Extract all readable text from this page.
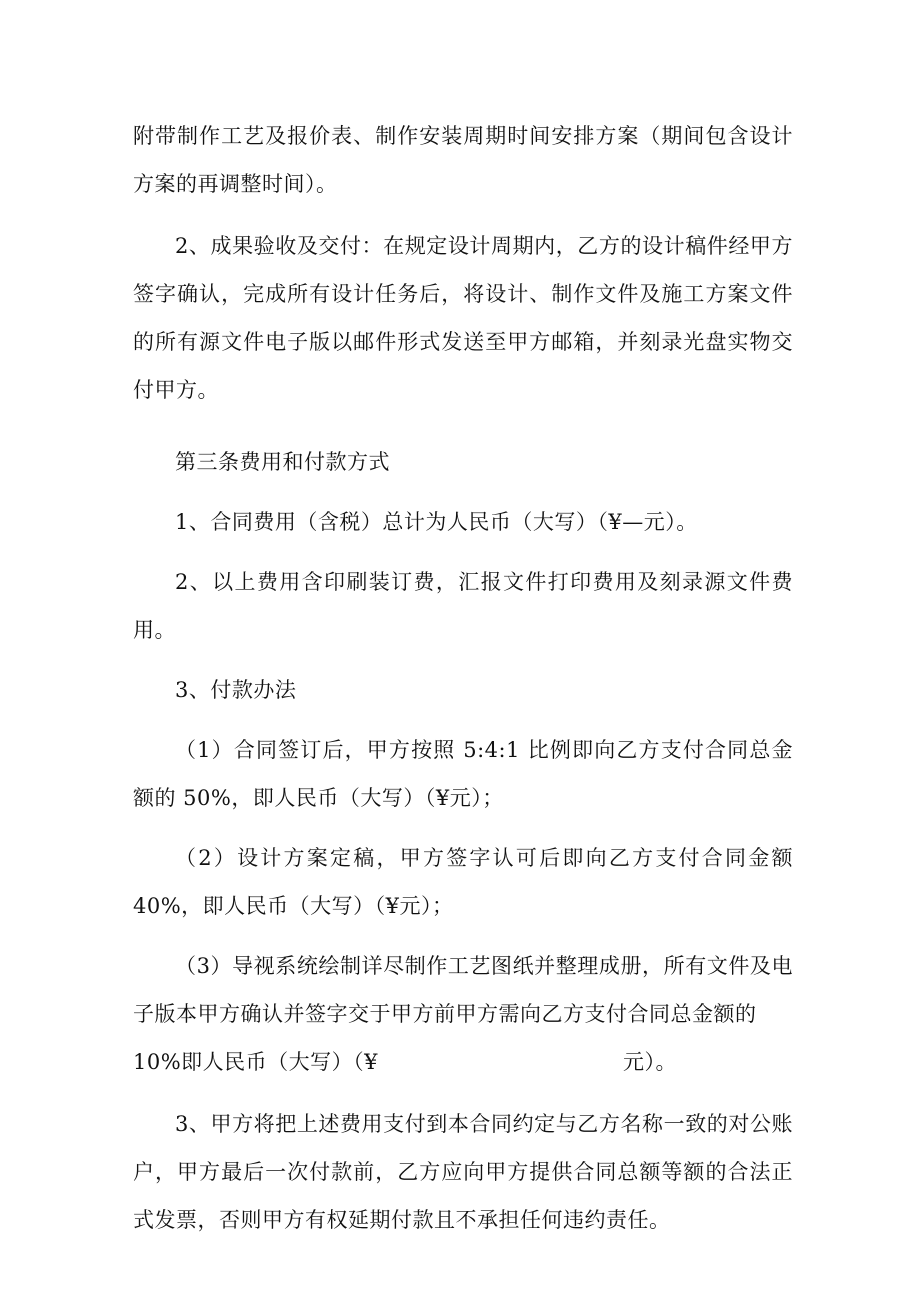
附带制作工艺及报价表、制作安装周期时间安排方案（期间包含设计方案的再调整时间）。

2、成果验收及交付：在规定设计周期内，乙方的设计稿件经甲方签字确认，完成所有设计任务后，将设计、制作文件及施工方案文件的所有源文件电子版以邮件形式发送至甲方邮箱，并刻录光盘实物交付甲方。

第三条费用和付款方式

1、合同费用（含税）总计为人民币（大写）（¥—元）。

2、以上费用含印刷装订费，汇报文件打印费用及刻录源文件费用。

3、付款办法

（1）合同签订后，甲方按照 5:4:1 比例即向乙方支付合同总金额的 50%，即人民币（大写）（¥元）；

（2）设计方案定稿，甲方签字认可后即向乙方支付合同金额 40%，即人民币（大写）（¥元）；

（3）导视系统绘制详尽制作工艺图纸并整理成册，所有文件及电子版本甲方确认并签字交于甲方前甲方需向乙方支付合同总金额的

10%即人民币（大写）（¥	元）。

3、甲方将把上述费用支付到本合同约定与乙方名称一致的对公账户，甲方最后一次付款前，乙方应向甲方提供合同总额等额的合法正式发票，否则甲方有权延期付款且不承担任何违约责任。
